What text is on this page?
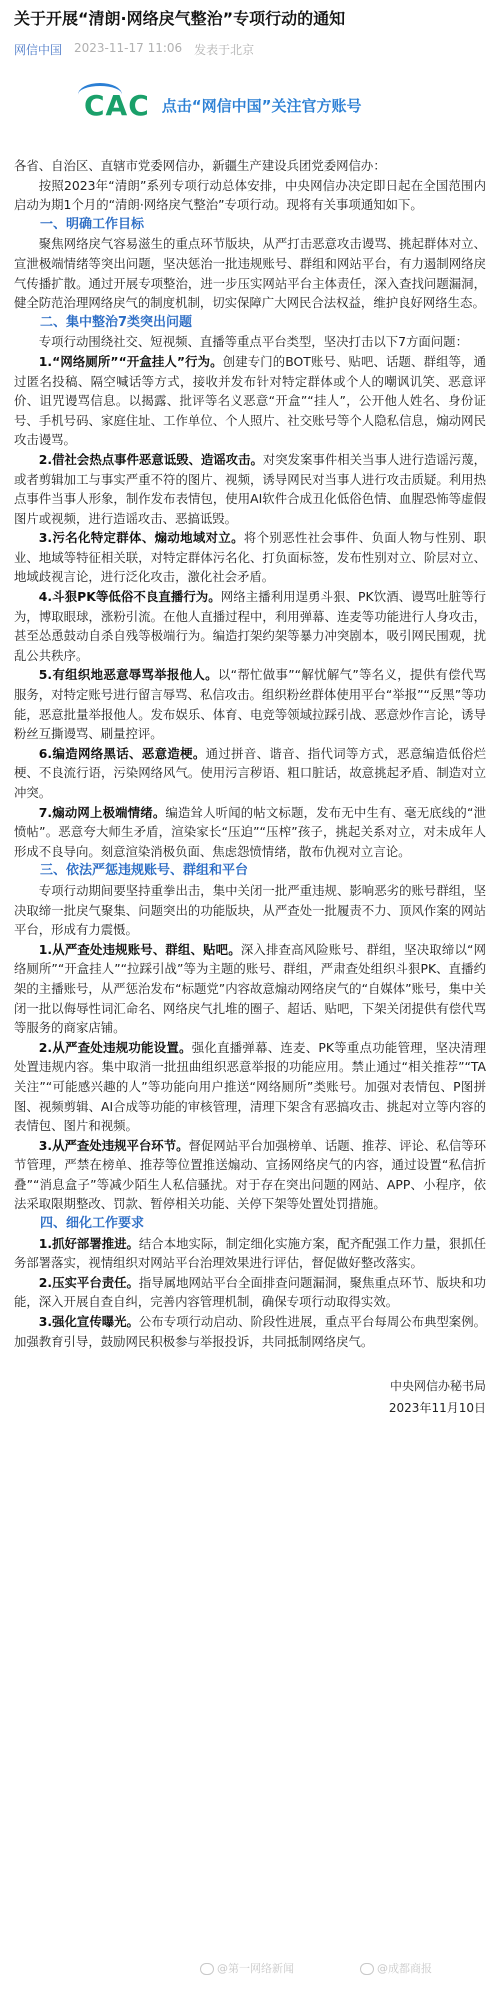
关于开展“清朗·网络戾气整治”专项行动的通知
网信中国 2023-11-17 11:06 发表于北京
CAC 点击“网信中国”关注官方账号

各省、自治区、直辖市党委网信办，新疆生产建设兵团党委网信办：

按照2023年“清朗”系列专项行动总体安排，中央网信办决定即日起在全国范围内启动为期1个月的“清朗·网络戾气整治”专项行动。现将有关事项通知如下。

一、明确工作目标

聚焦网络戾气容易滋生的重点环节版块，从严打击恶意攻击谩骂、挑起群体对立、宣泄极端情绪等突出问题，坚决惩治一批违规账号、群组和网站平台，有力遏制网络戾气传播扩散。通过开展专项整治，进一步压实网站平台主体责任，深入查找问题漏洞，健全防范治理网络戾气的制度机制，切实保障广大网民合法权益，维护良好网络生态。

二、集中整治7类突出问题

专项行动围绕社交、短视频、直播等重点平台类型，坚决打击以下7方面问题：

1.“网络厕所”“开盒挂人”行为。创建专门的BOT账号、贴吧、话题、群组等，通过匿名投稿、隔空喊话等方式，接收并发布针对特定群体或个人的嘲讽讥笑、恶意评价、诅咒谩骂信息。以揭露、批评等名义恶意“开盒”“挂人”，公开他人姓名、身份证号、手机号码、家庭住址、工作单位、个人照片、社交账号等个人隐私信息，煽动网民攻击谩骂。

2.借社会热点事件恶意诋毁、造谣攻击。对突发案事件相关当事人进行造谣污蔑，或者剪辑加工与事实严重不符的图片、视频，诱导网民对当事人进行攻击质疑。利用热点事件当事人形象，制作发布表情包，使用AI软件合成丑化低俗色情、血腥恐怖等虚假图片或视频，进行造谣攻击、恶搞诋毁。

3.污名化特定群体、煽动地域对立。将个别恶性社会事件、负面人物与性别、职业、地域等特征相关联，对特定群体污名化、打负面标签，发布性别对立、阶层对立、地域歧视言论，进行泛化攻击，激化社会矛盾。

4.斗狠PK等低俗不良直播行为。网络主播利用逞勇斗狠、PK饮酒、谩骂吐脏等行为，博取眼球，涨粉引流。在他人直播过程中，利用弹幕、连麦等功能进行人身攻击，甚至怂恿鼓动自杀自残等极端行为。编造打架约架等暴力冲突剧本，吸引网民围观，扰乱公共秩序。

5.有组织地恶意辱骂举报他人。以“帮忙做事”“解忧解气”等名义，提供有偿代骂服务，对特定账号进行留言辱骂、私信攻击。组织粉丝群体使用平台“举报”“反黑”等功能，恶意批量举报他人。发布娱乐、体育、电竞等领域拉踩引战、恶意炒作言论，诱导粉丝互撕谩骂、刷量控评。

6.编造网络黑话、恶意造梗。通过拼音、谐音、指代词等方式，恶意编造低俗烂梗、不良流行语，污染网络风气。使用污言秽语、粗口脏话，故意挑起矛盾、制造对立冲突。

7.煽动网上极端情绪。编造耸人听闻的帖文标题，发布无中生有、毫无底线的“泄愤帖”。恶意夸大师生矛盾，渲染家长“压迫”“压榨”孩子，挑起关系对立，对未成年人形成不良导向。刻意渲染消极负面、焦虑怨愤情绪，散布仇视对立言论。

三、依法严惩违规账号、群组和平台

专项行动期间要坚持重拳出击，集中关闭一批严重违规、影响恶劣的账号群组，坚决取缔一批戾气聚集、问题突出的功能版块，从严查处一批履责不力、顶风作案的网站平台，形成有力震慑。

1.从严查处违规账号、群组、贴吧。深入排查高风险账号、群组，坚决取缔以“网络厕所”“开盒挂人”“拉踩引战”等为主题的账号、群组，严肃查处组织斗狠PK、直播约架的主播账号，从严惩治发布“标题党”内容故意煽动网络戾气的“自媒体”账号，集中关闭一批以侮辱性词汇命名、网络戾气扎堆的圈子、超话、贴吧，下架关闭提供有偿代骂等服务的商家店铺。

2.从严查处违规功能设置。强化直播弹幕、连麦、PK等重点功能管理，坚决清理处置违规内容。集中取消一批扭曲组织恶意举报的功能应用。禁止通过“相关推荐”“TA关注”“可能感兴趣的人”等功能向用户推送“网络厕所”类账号。加强对表情包、P图拼图、视频剪辑、AI合成等功能的审核管理，清理下架含有恶搞攻击、挑起对立等内容的表情包、图片和视频。

3.从严查处违规平台环节。督促网站平台加强榜单、话题、推荐、评论、私信等环节管理，严禁在榜单、推荐等位置推送煽动、宣扬网络戾气的内容，通过设置“私信折叠”“消息盒子”等减少陌生人私信骚扰。对于存在突出问题的网站、APP、小程序，依法采取限期整改、罚款、暂停相关功能、关停下架等处置处罚措施。

四、细化工作要求

1.抓好部署推进。结合本地实际，制定细化实施方案，配齐配强工作力量，狠抓任务部署落实，视情组织对网站平台治理效果进行评估，督促做好整改落实。

2.压实平台责任。指导属地网站平台全面排查问题漏洞，聚焦重点环节、版块和功能，深入开展自查自纠，完善内容管理机制，确保专项行动取得实效。

3.强化宣传曝光。公布专项行动启动、阶段性进展，重点平台每周公布典型案例。加强教育引导，鼓励网民积极参与举报投诉，共同抵制网络戾气。

中央网信办秘书局
2023年11月10日
@第一网络新闻	@成都商报
